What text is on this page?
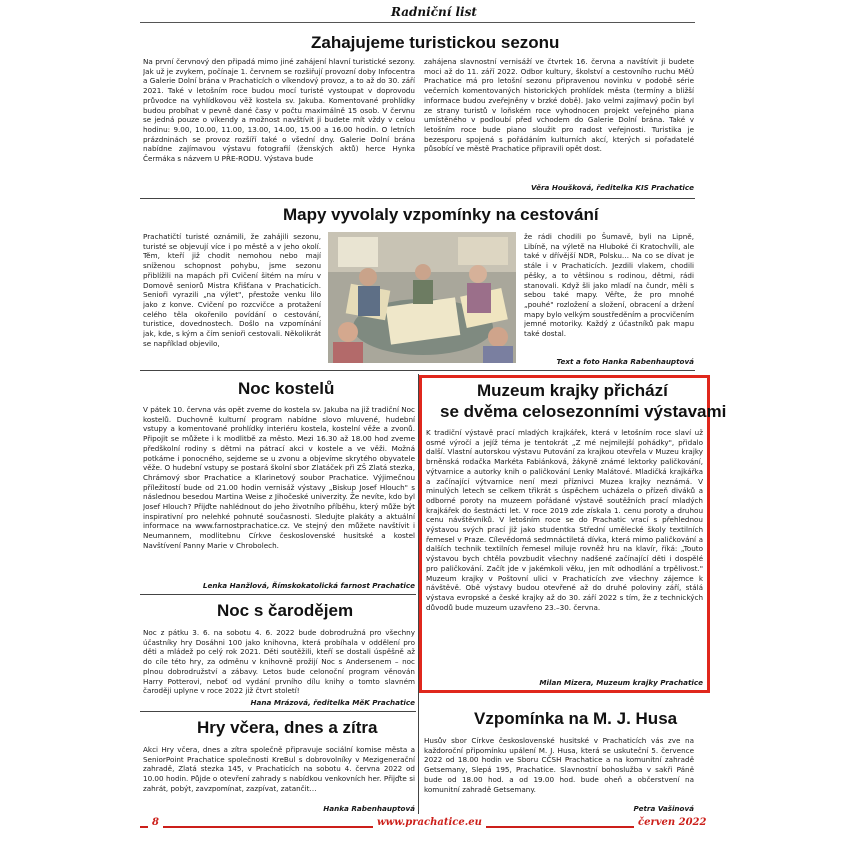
Radniční list
Zahajujeme turistickou sezonu
Na první červnový den připadá mimo jiné zahájení hlavní turistické sezony. Jak už je zvykem, počínaje 1. červnem se rozšiřují provozní doby Infocentra a Galerie Dolní brána v Prachaticích o víkendový provoz, a to až do 30. září 2021. Také v letošním roce budou mocí turisté vystoupat v doprovodu průvodce na vyhlídkovou věž kostela sv. Jakuba. Komentované prohlídky budou probíhat v pevně dané časy v počtu maximálně 15 osob. V červnu se jedná pouze o víkendy a možnost navštívit ji budete mít vždy v celou hodinu: 9.00, 10.00, 11.00, 13.00, 14.00, 15.00 a 16.00 hodin. O letních prázdninách se provoz rozšíří také o všední dny. Galerie Dolní brána nabídne zajímavou výstavu fotografií (ženských aktů) herce Hynka Čermáka s názvem U PŘE-RODU. Výstava bude
zahájena slavnostní vernisáží ve čtvrtek 16. června a navštívit ji budete moci až do 11. září 2022. Odbor kultury, školství a cestovního ruchu MěÚ Prachatice má pro letošní sezonu připravenou novinku v podobě série večerních komentovaných historických prohlídek města (termíny a bližší informace budou zveřejněny v brzké době). Jako velmi zajímavý počin byl ze strany turistů v loňském roce vyhodnocen projekt veřejného piana umístěného v podloubí před vchodem do Galerie Dolní brána. Také v letošním roce bude piano sloužit pro radost veřejnosti. Turistika je bezesporu spojená s pořádáním kulturních akcí, kterých si pořadatelé působící ve městě Prachatice připravili opět dost.
Věra Houšková, ředitelka KIS Prachatice
Mapy vyvolaly vzpomínky na cestování
Prachatičtí turisté oznámili, že zahájili sezonu, turisté se objevují více i po městě a v jeho okolí. Těm, kteří již chodit nemohou nebo mají sníženou schopnost pohybu, jsme sezonu přiblížili na mapách při Cvičení šitém na míru v Domově seniorů Mistra Křišťana v Prachaticích. Senioři vyrazili „na výlet", přestože venku lilo jako z konve. Cvičení po rozcvičce a protažení celého těla okořenilo povídání o cestování, turistice, dovednostech. Došlo na vzpomínání jak, kde, s kým a čím senioři cestovali. Několikrát se například objevilo,
že rádi chodili po Šumavě, byli na Lipně, Libíně, na výletě na Hluboké či Kratochvíli, ale také v dřívější NDR, Polsku… Na co se dívat je stále i v Prachaticích. Jezdili vlakem, chodili pěšky, a to většinou s rodinou, dětmi, rádi stanovali. Když šli jako mladí na čundr, měli s sebou také mapy. Věřte, že pro mnohé „pouhé" rozložení a složení, obracení a držení mapy bylo velkým soustředěním a procvičením jemné motoriky. Každý z účastníků pak mapu také dostal.
Text a foto Hanka Rabenhauptová
Noc kostelů
V pátek 10. června vás opět zveme do kostela sv. Jakuba na již tradiční Noc kostelů. Duchovně kulturní program nabídne slovo mluvené, hudební vstupy a komentované prohlídky interiéru kostela, kostelní věže a zvonů. Připojit se můžete i k modlitbě za město. Mezi 16.30 až 18.00 hod zveme předškolní rodiny s dětmi na pátrací akci v kostele a ve věži. Možná potkáme i ponocného, sejdeme se u zvonu a objevíme skrytého obyvatele věže. O hudební vstupy se postará školní sbor Zlatáček při ZŠ Zlatá stezka, Chrámový sbor Prachatice a Klarinetový soubor Prachatice. Výjimečnou příležitostí bude od 21.00 hodin vernisáž výstavy „Biskup Josef Hlouch" s následnou besedou Martina Weise z Jihočeské univerzity. Že nevíte, kdo byl Josef Hlouch? Přijďte nahlédnout do jeho životního příběhu, který může být inspirativní pro nelehké pohnuté současnosti. Sledujte plakáty a aktuální informace na www.farnostprachatice.cz. Ve stejný den můžete navštívit i Neumannem, modlitebnu Církve československé husitské a kostel Navštívení Panny Marie v Chrobolech.
Lenka Hanžlová, Římskokatolická farnost Prachatice
Noc s čarodějem
Noc z pátku 3. 6. na sobotu 4. 6. 2022 bude dobrodružná pro všechny účastníky hry Dosáhni 100 jako knihovna, která probíhala v oddělení pro děti a mládež po celý rok 2021. Děti soutěžili, kteří se dostali úspěšně až do cíle této hry, za odměnu v knihovně prožijí Noc s Andersenem – noc plnou dobrodružství a zábavy. Letos bude celonoční program věnován Harry Potterovi, neboť od vydání prvního dílu knihy o tomto slavném čaroději uplyne v roce 2022 již čtvrt století!
Hana Mrázová, ředitelka MěK Prachatice
Hry včera, dnes a zítra
Akci Hry včera, dnes a zítra společně připravuje sociální komise města a SeniorPoint Prachatice společnosti KreBul s dobrovolníky v Mezigenerační zahradě, Zlatá stezka 145, v Prachaticích na sobotu 4. června 2022 od 10.00 hodin. Půjde o otevření zahrady s nabídkou venkovních her. Přijďte si zahrát, pobýt, zavzpomínat, zazpívat, zatančit…
Hanka Rabenhauptová
Muzeum krajky přichází
se dvěma celosezonními výstavami
K tradiční výstavě prací mladých krajkářek, která v letošním roce slaví už osmé výročí a jejíž téma je tentokrát „Z mé nejmilejší pohádky", přidalo další. Vlastní autorskou výstavu Putování za krajkou otevřela v Muzeu krajky brněnská rodačka Markéta Fabiánková, žákyně známé lektorky paličkování, výtvarnice a autorky knih o paličkování Lenky Malátové. Mladičká krajkářka a začínající výtvarnice není mezi příznivci Muzea krajky neznámá. V minulých letech se celkem třikrát s úspěchem ucházela o přízeň diváků a odborné poroty na muzeem pořádané výstavě soutěžních prací mladých krajkářek do šestnácti let. V roce 2019 zde získala 1. cenu poroty a druhou cenu návštěvníků. V letošním roce se do Prachatic vrací s přehlednou výstavou svých prací již jako studentka Střední umělecké školy textilních řemesel v Praze. Cílevědomá sedmnáctiletá dívka, která mimo paličkování a dalších technik textilních řemesel miluje rovněž hru na klavír, říká: „Touto výstavou bych chtěla povzbudit všechny nadšené začínající děti i dospělé pro paličkování. Začít jde v jakémkoli věku, jen mít odhodlání a trpělivost." Muzeum krajky v Poštovní ulici v Prachaticích zve všechny zájemce k návštěvě. Obě výstavy budou otevřené až do druhé poloviny září, stálá výstava evropské a české krajky až do 30. září 2022 s tím, že z technických důvodů bude muzeum uzavřeno 23.–30. června.
Milan Mizera, Muzeum krajky Prachatice
Vzpomínka na M. J. Husa
Husův sbor Církve československé husitské v Prachaticích vás zve na každoroční připomínku upálení M. J. Husa, která se uskuteční 5. července 2022 od 18.00 hodin ve Sboru CČSH Prachatice a na komunitní zahradě Getsemany, Slepá 195, Prachatice. Slavnostní bohoslužba v sakři Páně bude od 18.00 hod. a od 19.00 hod. bude oheň a občerstvení na komunitní zahradě Getsemany.
Petra Vašinová
8	www.prachatice.eu	červen 2022
